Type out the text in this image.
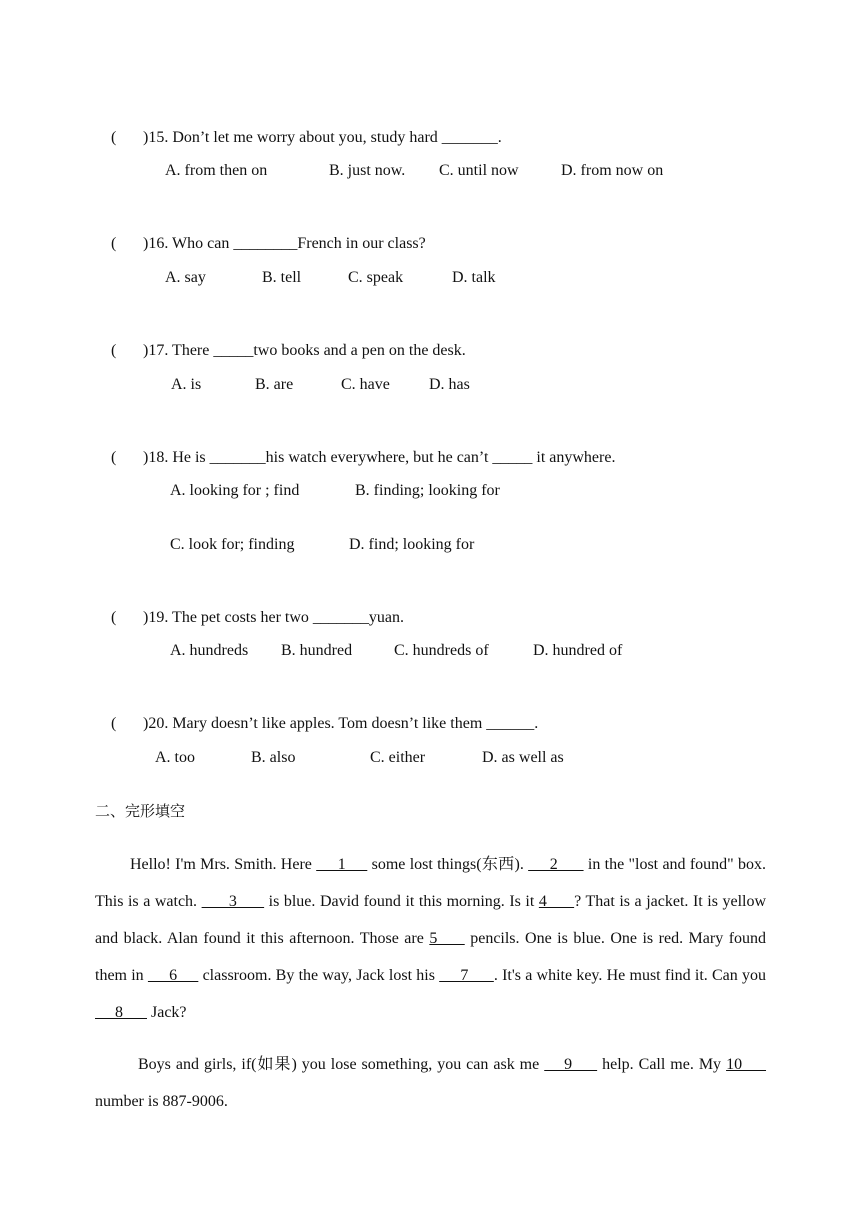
( )15. Don’t let me worry about you, study hard _______.

A. from then on	B. just now. C. until now	D. from now on

( )16. Who can ________French in our class?

A. say	B. tell	C. speak	D. talk

( )17. There _____two books and a pen on the desk.

A. is	B. are	C. have D. has

( )18. He is _______his watch everywhere, but he can’t _____ it anywhere.

A. looking for ; find	B. finding; looking for
C. look for; finding	D. find; looking for

( )19. The pet costs her two _______yuan.

A. hundreds B. hundred	C. hundreds of	D. hundred of

( )20. Mary doesn’t like apples. Tom doesn’t like them ______.

A. too	B. also	C. either	D. as well as
二、完形填空
Hello! I'm Mrs. Smith. Here      1      some lost things(东西).      2       in the "lost and found" box. This is a watch.       3       is blue. David found it this morning. Is it 4      ? That is a jacket. It is yellow and black. Alan found it this afternoon. Those are 5      pencils. One is blue. One is red. Mary found them in      6      classroom. By the way, Jack lost his      7      . It's a white key. He must find it. Can you      8       Jack?
Boys and girls, if(如果) you lose something, you can ask me     9      help. Call me. My 10      number is 887-9006.
